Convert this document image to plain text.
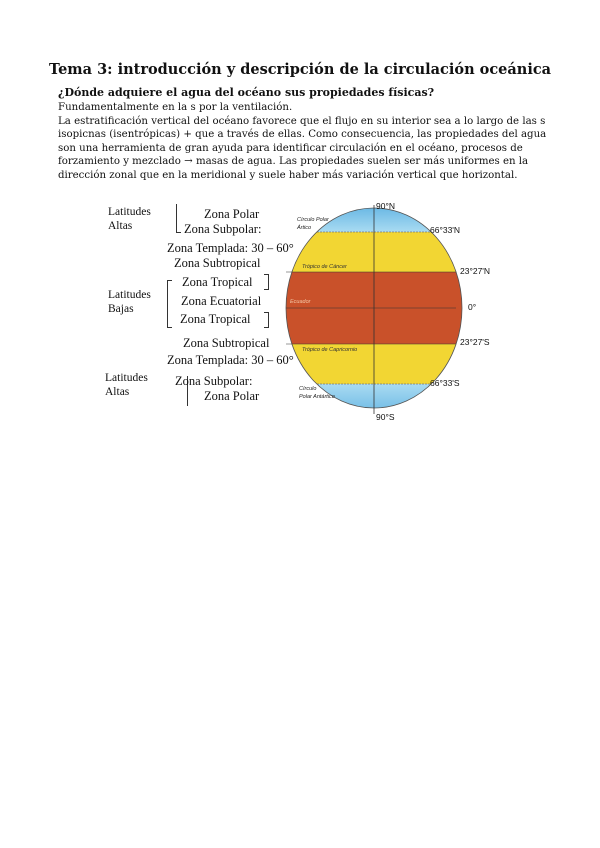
Tema 3: introducción y descripción de la circulación oceánica
¿Dónde adquiere el agua del océano sus propiedades físicas?
Fundamentalmente en la s por la ventilación.
La estratificación vertical del océano favorece que el flujo en su interior sea a lo largo de las s isopicnas (isentrópicas) + que a través de ellas. Como consecuencia, las propiedades del agua son una herramienta de gran ayuda para identificar circulación en el océano, procesos de forzamiento y mezclado → masas de agua. Las propiedades suelen ser más uniformes en la dirección zonal que en la meridional y suele haber más variación vertical que horizontal.
Latitudes
Altas
Latitudes
Bajas
Latitudes
Altas
Zona Polar
Zona Subpolar:
Zona Templada: 30 – 60°
Zona Subtropical
Zona Tropical
Zona Ecuatorial
Zona Tropical
Zona Subtropical
Zona Templada: 30 – 60°
Zona Subpolar:
Zona Polar
Círculo Polar
Ártico
Trópico de Cáncer
Ecuador
Trópico de Capricornio
Círculo
Polar Antártico
90°N
66°33'N
23°27'N
0°
23°27'S
66°33'S
90°S
